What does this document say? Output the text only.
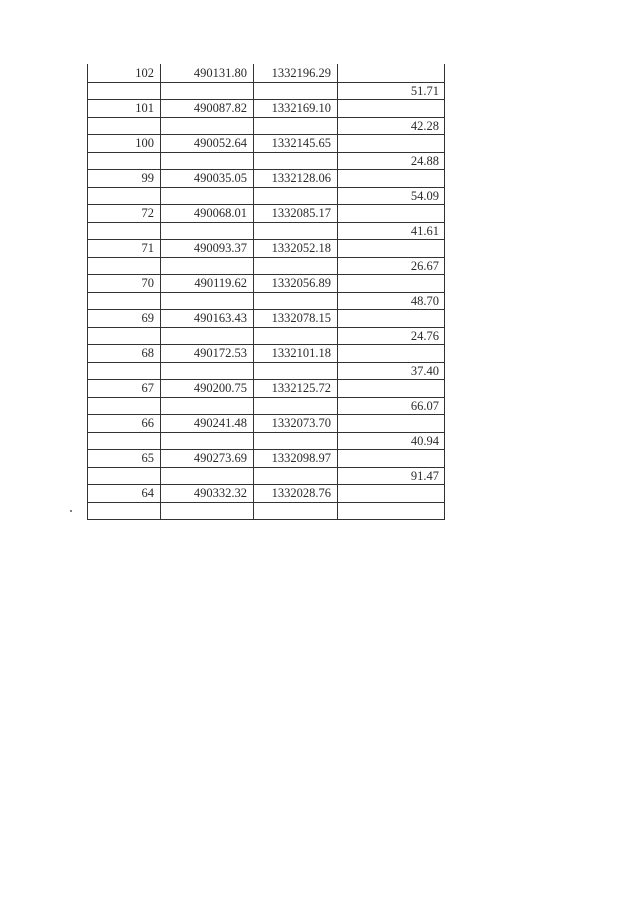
102	490131.80	1332196.29
51.71
101	490087.82	1332169.10
42.28
100	490052.64	1332145.65
24.88
99	490035.05	1332128.06
54.09
72	490068.01	1332085.17
41.61
71	490093.37	1332052.18
26.67
70	490119.62	1332056.89
48.70
69	490163.43	1332078.15
24.76
68	490172.53	1332101.18
37.40
67	490200.75	1332125.72
66.07
66	490241.48	1332073.70
40.94
65	490273.69	1332098.97
91.47
64	490332.32	1332028.76
